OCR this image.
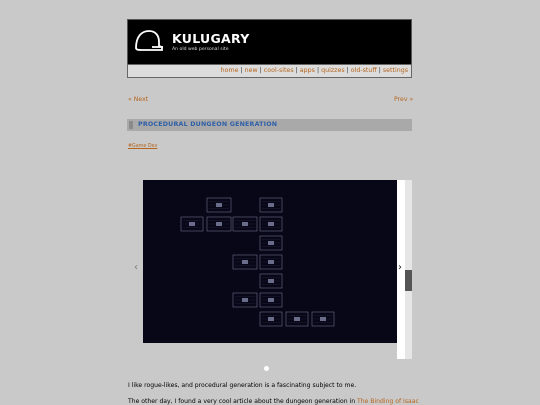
KULUGARY
An old web personal site
home | new | cool-sites | apps | quizzes | old-stuff | settings
« Next	Prev »
PROCEDURAL DUNGEON GENERATION
#Game Dev
‹	›
I like rogue-likes, and procedural generation is a fascinating subject to me.
The other day, I found a very cool article about the dungeon generation in The Binding of Isaac
